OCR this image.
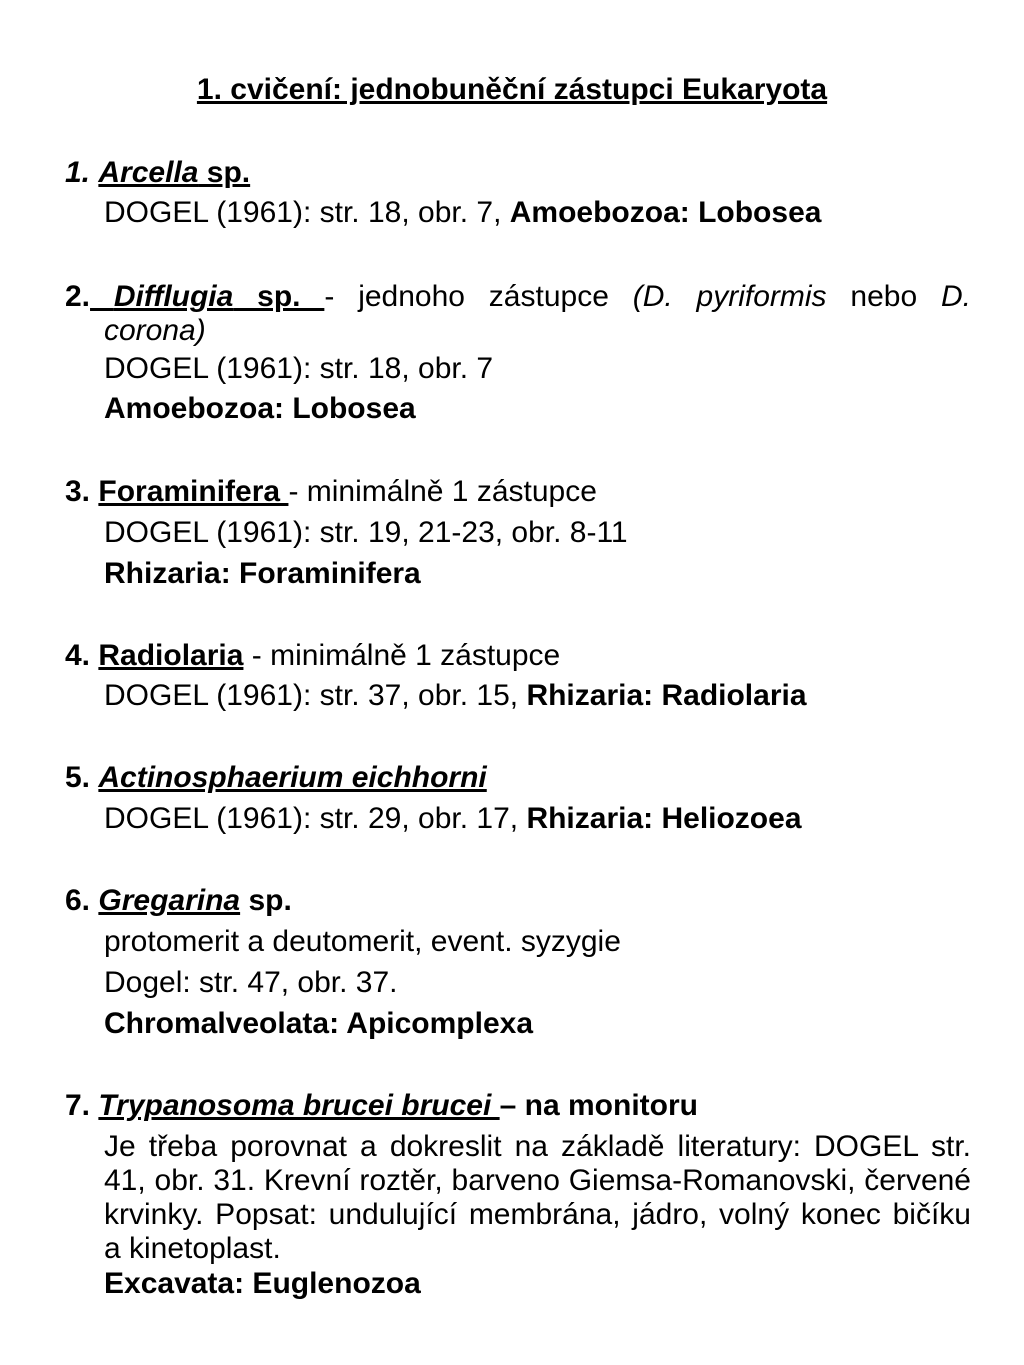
1. cvičení: jednobuněční zástupci Eukaryota
1. Arcella sp.
DOGEL (1961): str. 18, obr. 7, Amoebozoa: Lobosea
2. Difflugia sp. - jednoho zástupce (D. pyriformis nebo D.
corona)
DOGEL (1961): str. 18, obr. 7
Amoebozoa: Lobosea
3. Foraminifera - minimálně 1 zástupce
DOGEL (1961): str. 19, 21-23, obr. 8-11
Rhizaria: Foraminifera
4. Radiolaria - minimálně 1 zástupce
DOGEL (1961): str. 37, obr. 15, Rhizaria: Radiolaria
5. Actinosphaerium eichhorni
DOGEL (1961): str. 29, obr. 17, Rhizaria: Heliozoea
6. Gregarina sp.
protomerit a deutomerit, event. syzygie
Dogel: str. 47, obr. 37.
Chromalveolata: Apicomplexa
7. Trypanosoma brucei brucei – na monitoru
Je třeba porovnat a dokreslit na základě literatury: DOGEL str. 41, obr. 31. Krevní roztěr, barveno Giemsa-Romanovski, červené krvinky. Popsat: undulující membrána, jádro, volný konec bičíku a kinetoplast.
Excavata: Euglenozoa
